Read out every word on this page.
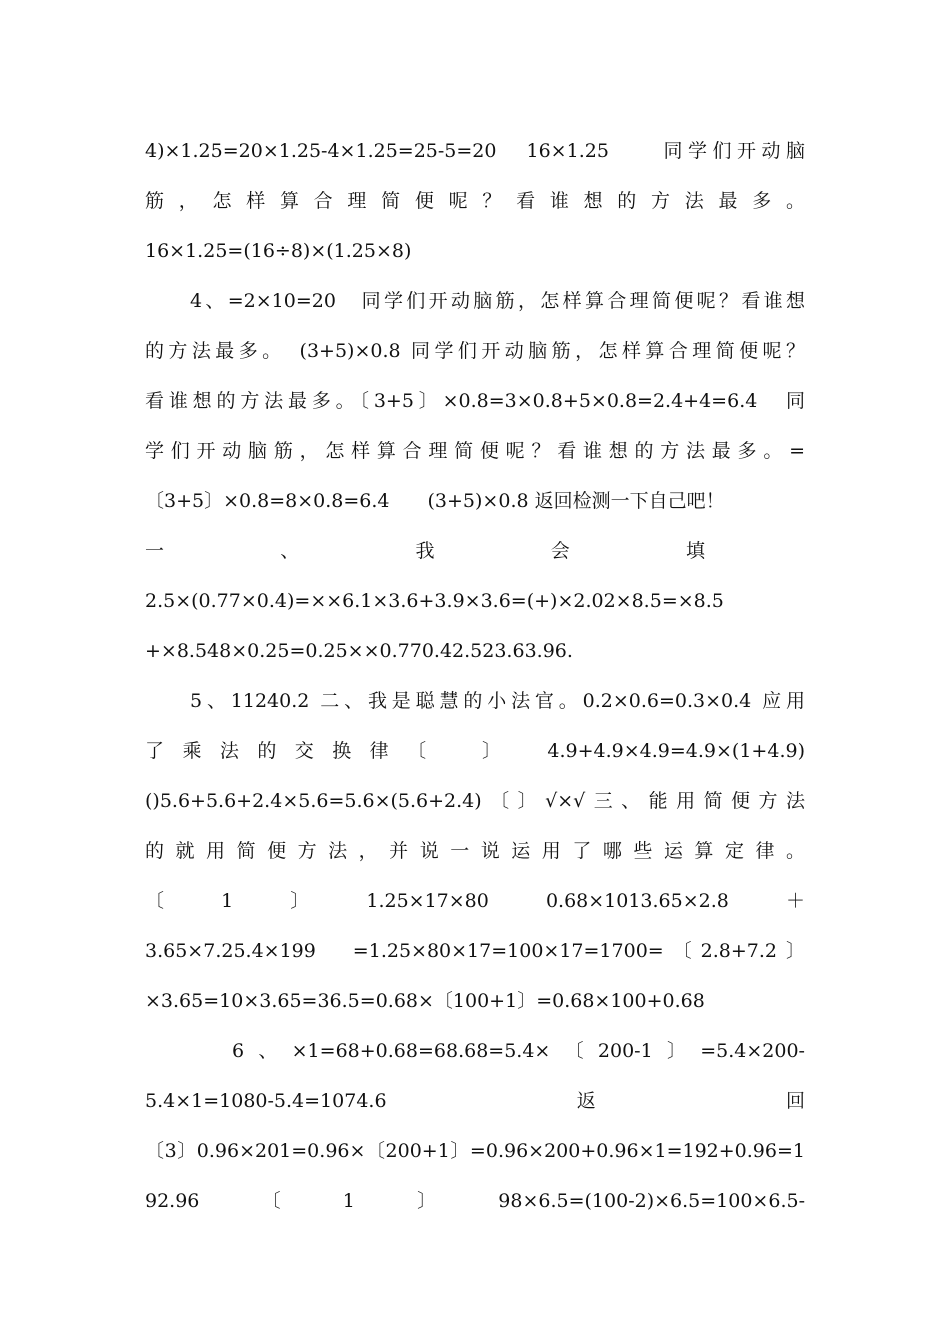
4)×1.25=20×1.25-4×1.25=25-5=20　16×1.25　　同学们开动脑
筋，怎样算合理简便呢？看谁想的方法最多。
16×1.25=(16÷8)×(1.25×8)
4、=2×10=20　同学们开动脑筋，怎样算合理简便呢？看谁想
的方法最多。　(3+5)×0.8 同学们开动脑筋，怎样算合理简便呢？
看谁想的方法最多。〔3+5〕×0.8=3×0.8+5×0.8=2.4+4=6.4　同
学们开动脑筋，怎样算合理简便呢？看谁想的方法最多。=
〔3+5〕×0.8=8×0.8=6.4　　(3+5)×0.8 返回检测一下自己吧！
一	、	我	会	填
2.5×(0.77×0.4)=××6.1×3.6+3.9×3.6=(+)×2.02×8.5=×8.5
+×8.548×0.25=0.25××0.770.42.523.63.96.
5、11240.2 二、我是聪慧的小法官。0.2×0.6=0.3×0.4 应用
了乘法的交换律〔　〕　4.9+4.9×4.9=4.9×(1+4.9)
()5.6+5.6+2.4×5.6=5.6×(5.6+2.4)〔〕√×√三、能用简便方法
的就用简便方法，并说一说运用了哪些运算定律。
〔	1	〕	1.25×17×80	0.68×1013.65×2.8	＋
3.65×7.25.4×199　=1.25×80×17=100×17=1700=〔2.8+7.2〕
×3.65=10×3.65=36.5=0.68×〔100+1〕=0.68×100+0.68
6 、 ×1=68+0.68=68.68=5.4× 〔 200-1 〕 =5.4×200-
5.4×1=1080-5.4=1074.6	返	回
〔3〕0.96×201=0.96×〔200+1〕=0.96×200+0.96×1=192+0.96=1
92.96	〔	1	〕	98×6.5=(100-2)×6.5=100×6.5-
